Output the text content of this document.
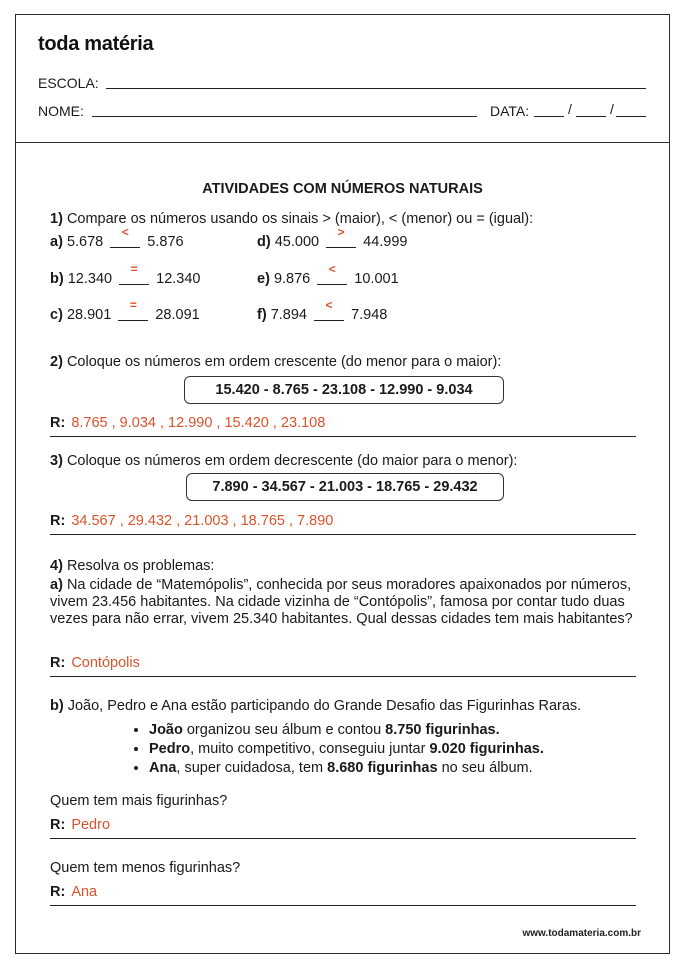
toda matéria
ESCOLA:
NOME:	DATA:	/	/
ATIVIDADES COM NÚMEROS NATURAIS
1) Compare os números usando os sinais > (maior), < (menor) ou = (igual):
a) 5.678
<
5.876
b) 12.340
=
12.340
c) 28.901
=
28.091
d) 45.000
>
44.999
e) 9.876
<
10.001
f) 7.894
<
7.948
2) Coloque os números em ordem crescente (do menor para o maior):
15.420 - 8.765 - 23.108 - 12.990 - 9.034
R: 8.765 , 9.034 , 12.990 , 15.420 , 23.108
3) Coloque os números em ordem decrescente (do maior para o menor):
7.890 - 34.567 - 21.003 - 18.765 - 29.432
R: 34.567 , 29.432 , 21.003 , 18.765 , 7.890
4) Resolva os problemas:
a) Na cidade de “Matemópolis”, conhecida por seus moradores apaixonados por números, vivem 23.456 habitantes. Na cidade vizinha de “Contópolis”, famosa por contar tudo duas vezes para não errar, vivem 25.340 habitantes. Qual dessas cidades tem mais habitantes?
R: Contópolis
b) João, Pedro e Ana estão participando do Grande Desafio das Figurinhas Raras.
• João organizou seu álbum e contou 8.750 figurinhas.
• Pedro, muito competitivo, conseguiu juntar 9.020 figurinhas.
• Ana, super cuidadosa, tem 8.680 figurinhas no seu álbum.
Quem tem mais figurinhas?
R: Pedro
Quem tem menos figurinhas?
R: Ana
www.todamateria.com.br
